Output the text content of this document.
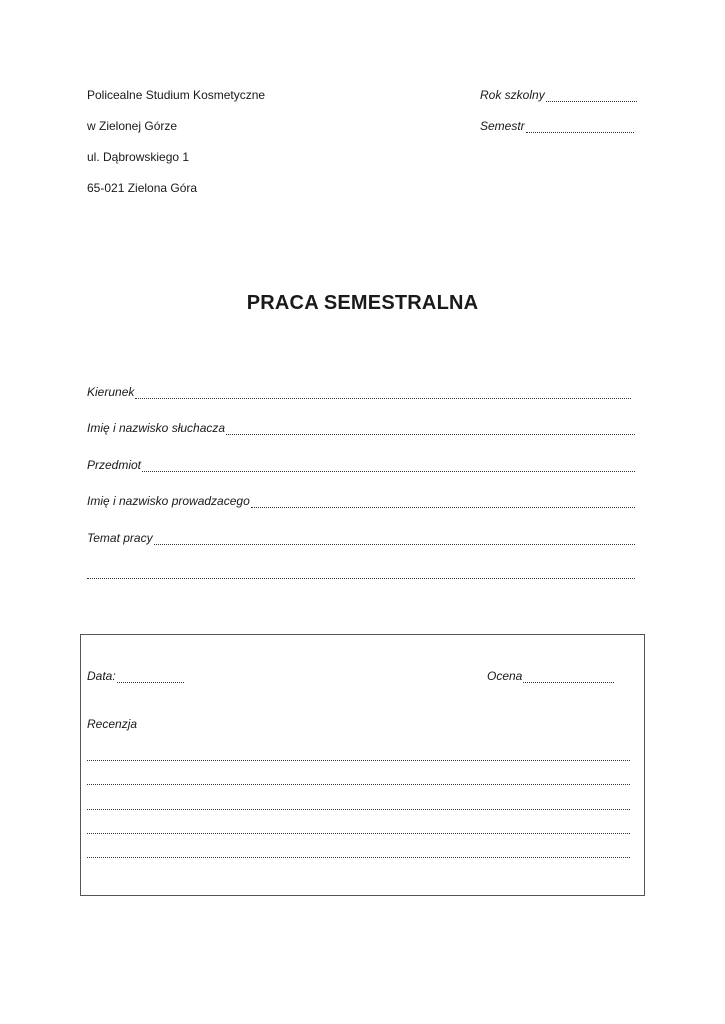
Policealne Studium Kosmetyczne
w Zielonej Górze
ul. Dąbrowskiego 1
65-021 Zielona Góra
Rok szkolny
Semestr
PRACA SEMESTRALNA
Kierunek
Imię i nazwisko słuchacza
Przedmiot
Imię i nazwisko prowadzacego
Temat pracy
Data:	Ocena
Recenzja
